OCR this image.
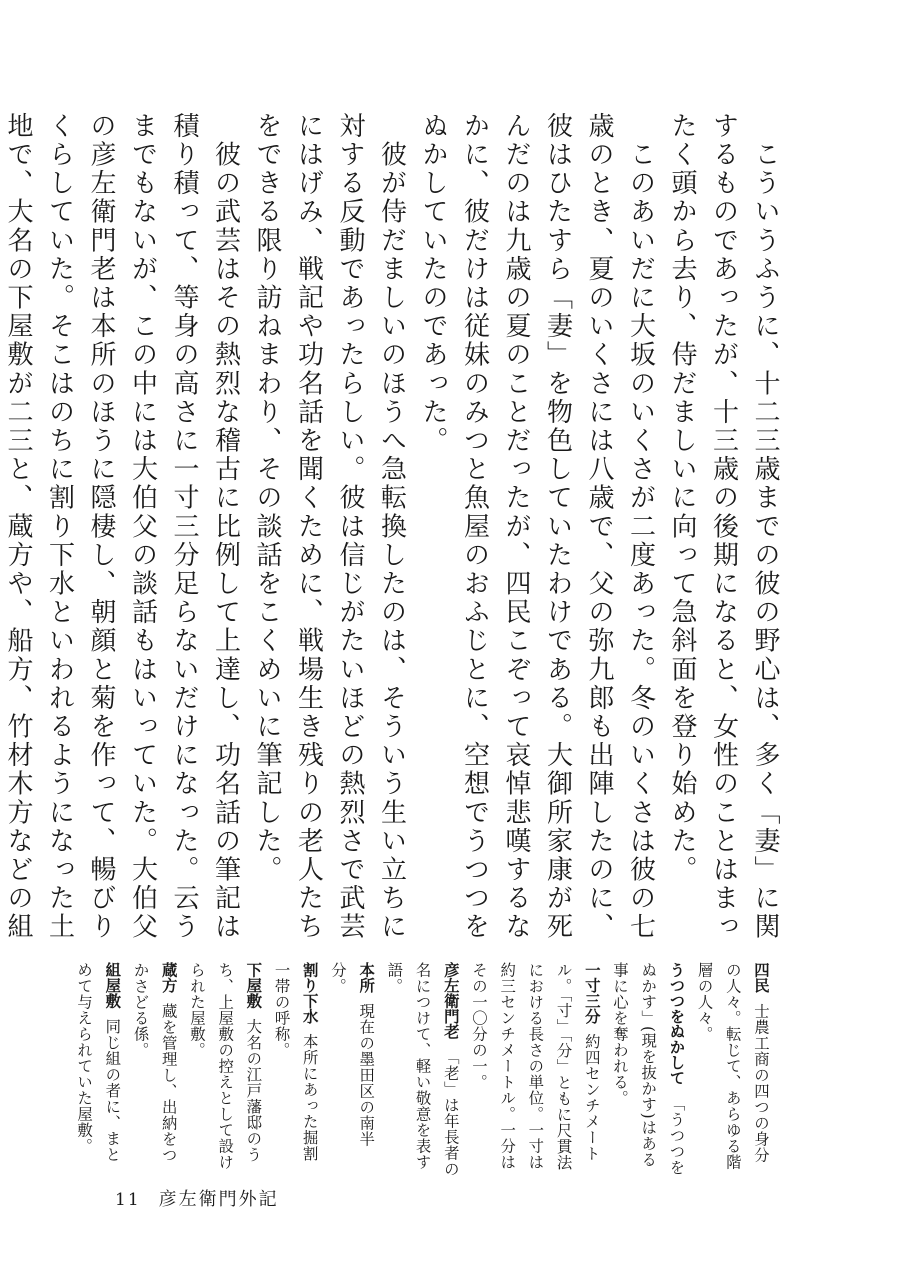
　こういうふうに、十二三歳までの彼の野心は、多く「妻」に関するものであったが、十三歳の後期になると、女性のことはまったく頭から去り、侍だましいに向って急斜面を登り始めた。

　このあいだに大坂のいくさが二度あった。冬のいくさは彼の七歳のとき、夏のいくさには八歳で、父の弥九郎も出陣したのに、彼はひたすら「妻」を物色していたわけである。大御所家康が死んだのは九歳の夏のことだったが、四民こぞって哀悼悲嘆するなかに、彼だけは従妹のみつと魚屋のおふじとに、空想でうつつをぬかしていたのであった。

　彼が侍だましいのほうへ急転換したのは、そういう生い立ちに対する反動であったらしい。彼は信じがたいほどの熱烈さで武芸にはげみ、戦記や功名話を聞くために、戦場生き残りの老人たちをできる限り訪ねまわり、その談話をこくめいに筆記した。

　彼の武芸はその熱烈な稽古に比例して上達し、功名話の筆記は積り積って、等身の高さに一寸三分足らないだけになった。云うまでもないが、この中には大伯父の談話もはいっていた。大伯父の彦左衛門老は本所のほうに隠棲し、朝顔と菊を作って、暢びりくらしていた。そこはのちに割り下水といわれるようになった土地で、大名の下屋敷が二三と、蔵方や、船方、竹材木方などの組

四民士農工商の四つの身分の人々。転じて、あらゆる階層の人々。

うつつをぬかして「うつつをぬかす」(現を抜かす)はある事に心を奪われる。

一寸三分約四センチメートル。「寸」「分」ともに尺貫法における長さの単位。一寸は約三センチメートル。一分はその一〇分の一。

彦左衛門老「老」は年長者の名につけて、軽い敬意を表す語。

本所現在の墨田区の南半分。

割り下水本所にあった掘割一帯の呼称。

下屋敷大名の江戸藩邸のうち、上屋敷の控えとして設けられた屋敷。

蔵方蔵を管理し、出納をつかさどる係。

組屋敷同じ組の者に、まとめて与えられていた屋敷。

11 彦左衛門外記
